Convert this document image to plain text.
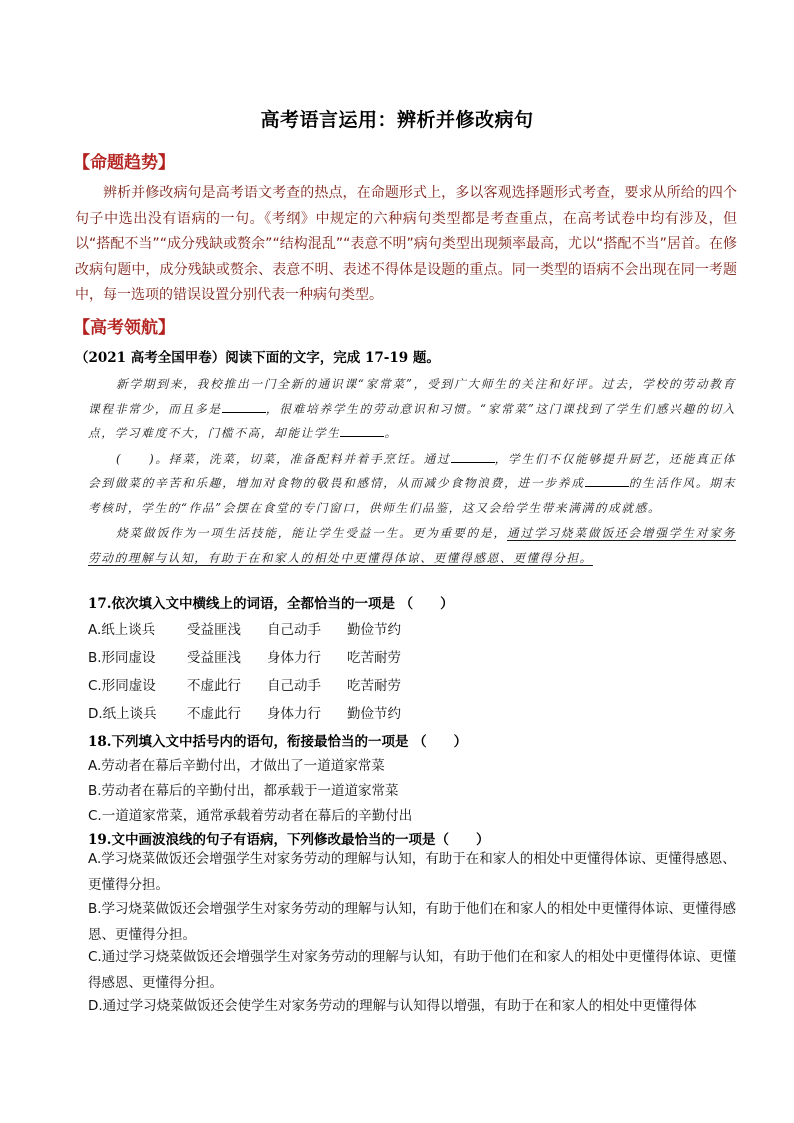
高考语言运用：辨析并修改病句
【命题趋势】

辨析并修改病句是高考语文考查的热点，在命题形式上，多以客观选择题形式考查，要求从所给的四个句子中选出没有语病的一句。《考纲》中规定的六种病句类型都是考查重点，在高考试卷中均有涉及，但以“搭配不当”“成分残缺或赘余”“结构混乱”“表意不明”病句类型出现频率最高，尤以“搭配不当”居首。在修改病句题中，成分残缺或赘余、表意不明、表述不得体是设题的重点。同一类型的语病不会出现在同一考题中，每一选项的错误设置分别代表一种病句类型。

【高考领航】
（2021 高考全国甲卷）阅读下面的文字，完成 17-19 题。

新学期到来，我校推出一门全新的通识课“家常菜”，受到广大师生的关注和好评。过去，学校的劳动教育课程非常少，而且多是	，很难培养学生的劳动意识和习惯。“家常菜”这门课找到了学生们感兴趣的切入点，学习难度不大，门槛不高，却能让学生	。

(　　)。择菜，洗菜，切菜，准备配料并着手烹饪。通过	，学生们不仅能够提升厨艺，还能真正体会到做菜的辛苦和乐趣，增加对食物的敬畏和感情，从而减少食物浪费，进一步养成	的生活作风。期末考核时，学生的“作品”会摆在食堂的专门窗口，供师生们品鉴，这又会给学生带来满满的成就感。

烧菜做饭作为一项生活技能，能让学生受益一生。更为重要的是，通过学习烧菜做饭还会增强学生对家务劳动的理解与认知，有助于在和家人的相处中更懂得体谅、更懂得感恩、更懂得分担。

17.依次填入文中横线上的词语，全都恰当的一项是 （　　）
A.纸上谈兵 受益匪浅 自己动手 勤俭节约
B.形同虚设 受益匪浅 身体力行 吃苦耐劳
C.形同虚设 不虚此行 自己动手 吃苦耐劳
D.纸上谈兵 不虚此行 身体力行 勤俭节约
18.下列填入文中括号内的语句，衔接最恰当的一项是 （　　）
A.劳动者在幕后辛勤付出，才做出了一道道家常菜
B.劳动者在幕后的辛勤付出，都承载于一道道家常菜
C.一道道家常菜，通常承载着劳动者在幕后的辛勤付出
19.文中画波浪线的句子有语病，下列修改最恰当的一项是（　　）
A.学习烧菜做饭还会增强学生对家务劳动的理解与认知，有助于在和家人的相处中更懂得体谅、更懂得感恩、更懂得分担。
B.学习烧菜做饭还会增强学生对家务劳动的理解与认知，有助于他们在和家人的相处中更懂得体谅、更懂得感恩、更懂得分担。
C.通过学习烧菜做饭还会增强学生对家务劳动的理解与认知，有助于他们在和家人的相处中更懂得体谅、更懂得感恩、更懂得分担。
D.通过学习烧菜做饭还会使学生对家务劳动的理解与认知得以增强，有助于在和家人的相处中更懂得体
